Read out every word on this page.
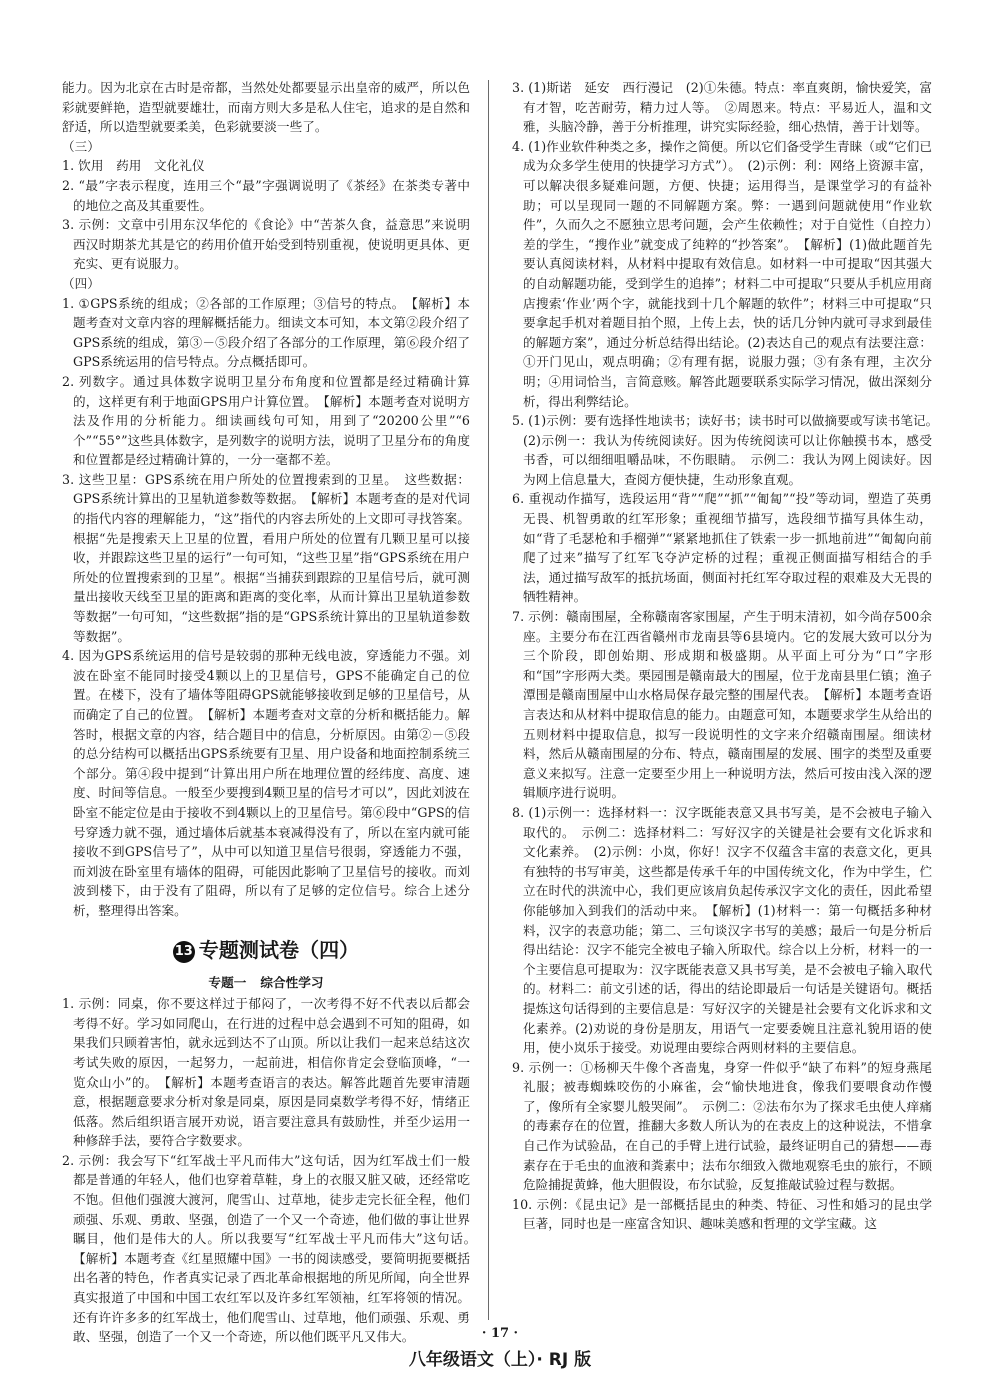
能力。因为北京在古时是帝都，当然处处都要显示出皇帝的威严，所以色彩就要鲜艳，造型就要雄壮，而南方则大多是私人住宅，追求的是自然和舒适，所以造型就要柔美，色彩就要淡一些了。

（三）

1. 饮用　药用　文化礼仪

2. “最”字表示程度，连用三个“最”字强调说明了《茶经》在茶类专著中的地位之高及其重要性。

3. 示例：文章中引用东汉华佗的《食论》中“苦茶久食，益意思”来说明西汉时期茶尤其是它的药用价值开始受到特别重视，使说明更具体、更充实、更有说服力。

（四）

1. ①GPS系统的组成；②各部的工作原理；③信号的特点。　【解析】本题考查对文章内容的理解概括能力。细读文本可知，本文第②段介绍了GPS系统的组成，第③－⑤段介绍了各部分的工作原理，第⑥段介绍了GPS系统运用的信号特点。分点概括即可。

2. 列数字。通过具体数字说明卫星分布角度和位置都是经过精确计算的，这样更有利于地面GPS用户计算位置。　【解析】本题考查对说明方法及作用的分析能力。细读画线句可知，用到了“20200公里”“6个”“55°”这些具体数字，是列数字的说明方法，说明了卫星分布的角度和位置都是经过精确计算的，一分一毫都不差。

3. 这些卫星：GPS系统在用户所处的位置搜索到的卫星。　这些数据：GPS系统计算出的卫星轨道参数等数据。　【解析】本题考查的是对代词的指代内容的理解能力，“这”指代的内容去所处的上文即可寻找答案。根据“先是搜索天上卫星的位置，看用户所处的位置有几颗卫星可以接收，并跟踪这些卫星的运行”一句可知，“这些卫星”指“GPS系统在用户所处的位置搜索到的卫星”。根据“当捕获到跟踪的卫星信号后，就可测量出接收天线至卫星的距离和距离的变化率，从而计算出卫星轨道参数等数据”一句可知，“这些数据”指的是“GPS系统计算出的卫星轨道参数等数据”。

4. 因为GPS系统运用的信号是较弱的那种无线电波，穿透能力不强。刘波在卧室不能同时接受4颗以上的卫星信号，GPS不能确定自己的位置。在楼下，没有了墙体等阻碍GPS就能够接收到足够的卫星信号，从而确定了自己的位置。　【解析】本题考查对文章的分析和概括能力。解答时，根据文章的内容，结合题目中的信息，分析原因。由第②－⑤段的总分结构可以概括出GPS系统要有卫星、用户设备和地面控制系统三个部分。第④段中提到“计算出用户所在地理位置的经纬度、高度、速度、时间等信息。一般至少要搜到4颗卫星的信号才可以”，因此刘波在卧室不能定位是由于接收不到4颗以上的卫星信号。第⑥段中“GPS的信号穿透力就不强，通过墙体后就基本衰减得没有了，所以在室内就可能接收不到GPS信号了”，从中可以知道卫星信号很弱，穿透能力不强，而刘波在卧室里有墙体的阻碍，可能因此影响了卫星信号的接收。而刘波到楼下，由于没有了阻碍，所以有了足够的定位信号。综合上述分析，整理得出答案。

13 专题测试卷（四）
专题一 综合性学习

1. 示例：同桌，你不要这样过于郁闷了，一次考得不好不代表以后都会考得不好。学习如同爬山，在行进的过程中总会遇到不可知的阻碍，如果我们只顾着害怕，就永远到达不了山顶。所以让我们一起来总结这次考试失败的原因，一起努力，一起前进，相信你肯定会登临顶峰，“一览众山小”的。　【解析】本题考查语言的表达。解答此题首先要审清题意，根据题意要求分析对象是同桌，原因是同桌数学考得不好，情绪正低落。然后组织语言展开劝说，语言要注意具有鼓励性，并至少运用一种修辞手法，要符合字数要求。

2. 示例：我会写下“红军战士平凡而伟大”这句话，因为红军战士们一般都是普通的年轻人，他们也穿着草鞋，身上的衣服又脏又破，还经常吃不饱。但他们强渡大渡河，爬雪山、过草地，徒步走完长征全程，他们顽强、乐观、勇敢、坚强，创造了一个又一个奇迹，他们做的事让世界瞩目，他们是伟大的人。所以我要写“红军战士平凡而伟大”这句话。　【解析】本题考查《红星照耀中国》一书的阅读感受，要简明扼要概括出名著的特色，作者真实记录了西北革命根据地的所见所闻，向全世界真实报道了中国和中国工农红军以及许多红军领袖，红军将领的情况。还有许许多多的红军战士，他们爬雪山、过草地，他们顽强、乐观、勇敢、坚强，创造了一个又一个奇迹，所以他们既平凡又伟大。

3. (1)斯诺　延安　西行漫记　(2)①朱德。特点：率直爽朗，愉快爱笑，富有才智，吃苦耐劳，精力过人等。　②周恩来。特点：平易近人，温和文雅，头脑冷静，善于分析推理，讲究实际经验，细心热情，善于计划等。

4. (1)作业软件种类之多，操作之简便。所以它们备受学生青睐（或“它们已成为众多学生使用的快捷学习方式”）。　(2)示例：利：网络上资源丰富，可以解决很多疑难问题，方便、快捷；运用得当，是课堂学习的有益补助；可以呈现同一题的不同解题方案。弊：一遇到问题就使用“作业软件”，久而久之不愿独立思考问题，会产生依赖性；对于自觉性（自控力）差的学生，“搜作业”就变成了纯粹的“抄答案”。　【解析】(1)做此题首先要认真阅读材料，从材料中提取有效信息。如材料一中可提取“因其强大的自动解题功能，受到学生的追捧”；材料二中可提取“只要从手机应用商店搜索‘作业’两个字，就能找到十几个解题的软件”；材料三中可提取“只要拿起手机对着题目拍个照，上传上去，快的话几分钟内就可寻求到最佳的解题方案”，通过分析总结得出结论。(2)表达自己的观点有法要注意：①开门见山，观点明确；②有理有据，说服力强；③有条有理，主次分明；④用词恰当，言简意赅。解答此题要联系实际学习情况，做出深刻分析，得出利弊结论。

5. (1)示例：要有选择性地读书；读好书；读书时可以做摘要或写读书笔记。　(2)示例一：我认为传统阅读好。因为传统阅读可以让你触摸书本，感受书香，可以细细咀嚼品味，不伤眼睛。　示例二：我认为网上阅读好。因为网上信息量大，查阅方便快捷，生动形象直观。

6. 重视动作描写，选段运用“背”“爬”“抓”“匍匐”“投”等动词，塑造了英勇无畏、机智勇敢的红军形象；重视细节描写，选段细节描写具体生动，如“背了毛瑟枪和手榴弹”“紧紧地抓住了铁索一步一抓地前进”“匍匐向前爬了过来”描写了红军飞夺泸定桥的过程；重视正侧面描写相结合的手法，通过描写敌军的抵抗场面，侧面衬托红军夺取过程的艰难及大无畏的牺牲精神。

7. 示例：赣南围屋，全称赣南客家围屋，产生于明末清初，如今尚存500余座。主要分布在江西省赣州市龙南县等6县境内。它的发展大致可以分为三个阶段，即创始期、形成期和极盛期。从平面上可分为“口”字形和“国”字形两大类。栗园围是赣南最大的围屋，位于龙南县里仁镇；渔子潭围是赣南围屋中山水格局保存最完整的围屋代表。　【解析】本题考查语言表达和从材料中提取信息的能力。由题意可知，本题要求学生从给出的五则材料中提取信息，拟写一段说明性的文字来介绍赣南围屋。细读材料，然后从赣南围屋的分布、特点，赣南围屋的发展、围字的类型及重要意义来拟写。注意一定要至少用上一种说明方法，然后可按由浅入深的逻辑顺序进行说明。

8. (1)示例一：选择材料一：汉字既能表意又具书写美，是不会被电子输入取代的。　示例二：选择材料二：写好汉字的关键是社会要有文化诉求和文化素养。　(2)示例：小岚，你好！汉字不仅蕴含丰富的表意文化，更具有独特的书写审美，这些都是传承千年的中国传统文化，作为中学生，伫立在时代的洪流中心，我们更应该肩负起传承汉字文化的责任，因此希望你能够加入到我们的活动中来。　【解析】(1)材料一：第一句概括多种材料，汉字的表意功能；第二、三句谈汉字书写的美感；最后一句是分析后得出结论：汉字不能完全被电子输入所取代。综合以上分析，材料一的一个主要信息可提取为：汉字既能表意又具书写美，是不会被电子输入取代的。材料二：前文引述的话，得出的结论即最后一句话是关键语句。概括提炼这句话得到的主要信息是：写好汉字的关键是社会要有文化诉求和文化素养。(2)劝说的身份是朋友，用语气一定要委婉且注意礼貌用语的使用，使小岚乐于接受。劝说理由要综合两则材料的主要信息。

9. 示例一：①杨柳天牛像个吝啬鬼，身穿一件似乎“缺了布料”的短身燕尾礼服；被毒蜘蛛咬伤的小麻雀，会“愉快地进食，像我们要喂食动作慢了，像所有全家婴儿般哭闹”。　示例二：②法布尔为了探求毛虫使人痒痛的毒素存在的位置，推翻大多数人所认为的在表皮上的这种说法，不惜拿自己作为试验品，在自己的手臂上进行试验，最终证明自己的猜想——毒素存在于毛虫的血液和粪素中；法布尔细致入微地观察毛虫的旅行，不顾危险捕捉黄蜂，他大胆假设，布尔试验，反复推敲试验过程与数据。

10. 示例：《昆虫记》是一部概括昆虫的种类、特征、习性和婚习的昆虫学巨著，同时也是一座富含知识、趣味美感和哲理的文学宝藏。这

· 17 ·
八年级语文（上）· RJ 版
